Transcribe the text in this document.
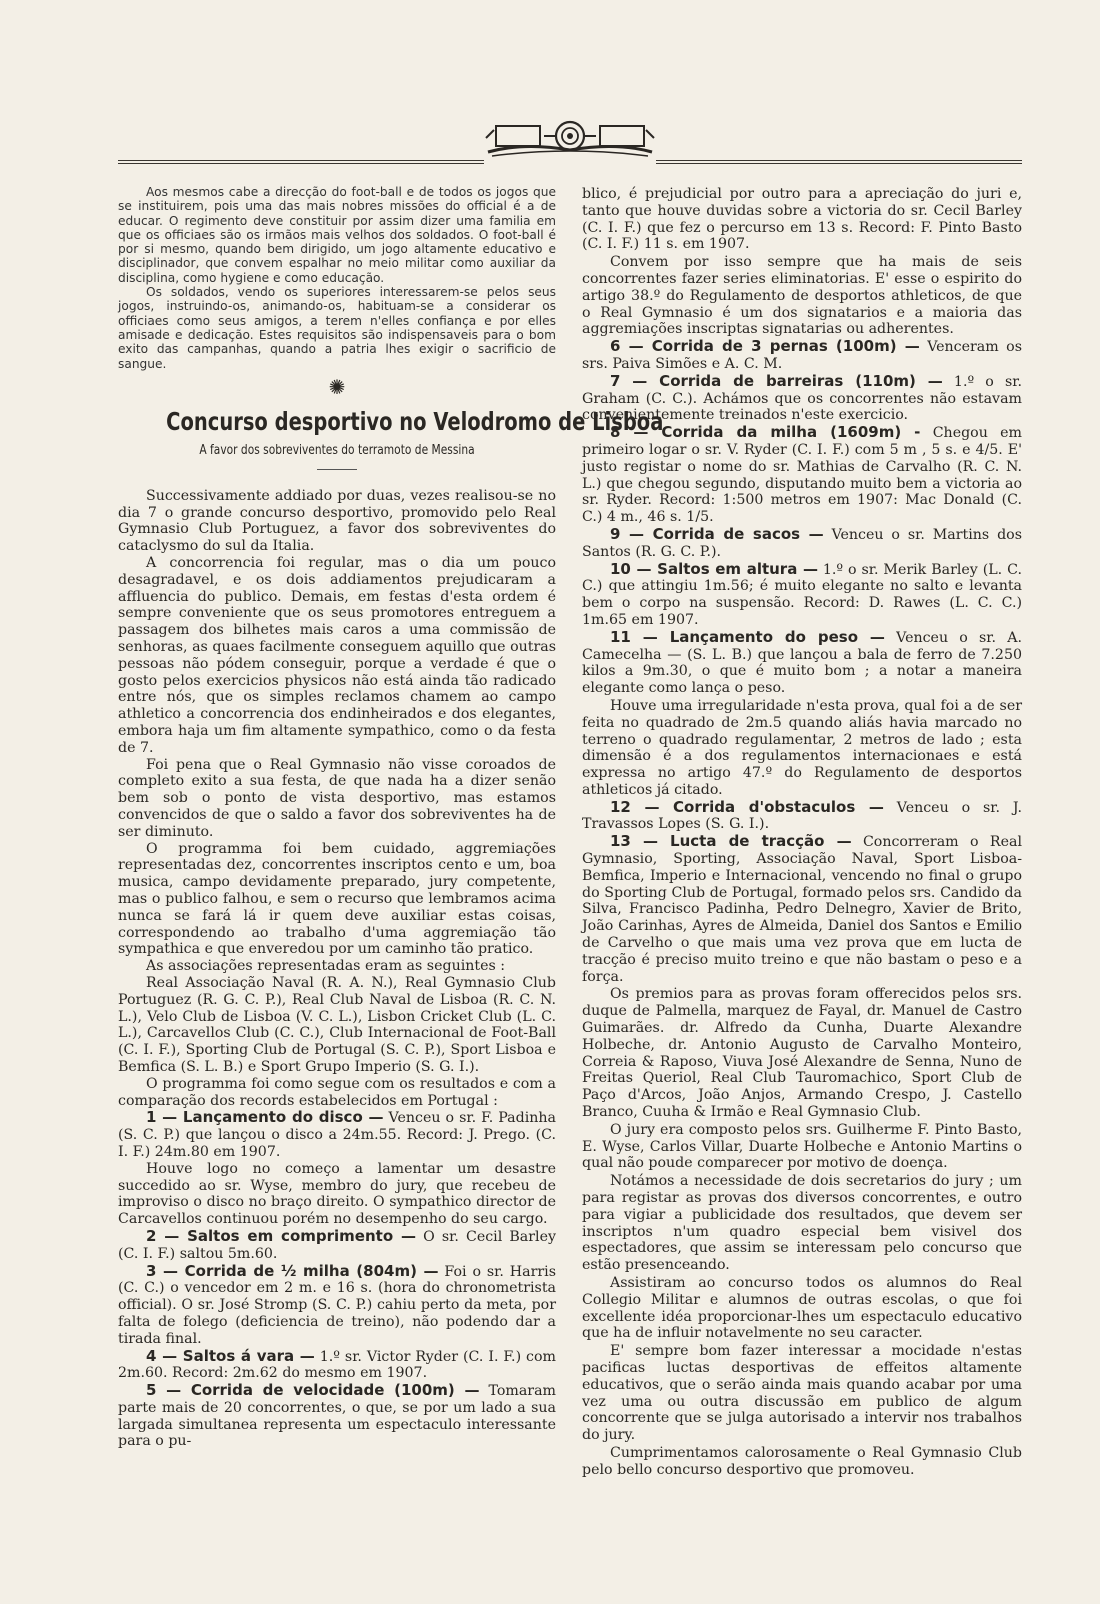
Aos mesmos cabe a direcção do foot-ball e de todos os jogos que se instituirem, pois uma das mais nobres missões do official é a de educar. O regimento deve constituir por assim dizer uma familia em que os officiaes são os irmãos mais velhos dos soldados. O foot-ball é por si mesmo, quando bem dirigido, um jogo altamente educativo e disciplinador, que convem espalhar no meio militar como auxiliar da disciplina, como hygiene e como educação.

Os soldados, vendo os superiores interessarem-se pelos seus jogos, instruindo-os, animando-os, habituam-se a considerar os officiaes como seus amigos, a terem n'elles confiança e por elles amisade e dedicação. Estes requisitos são indispensaveis para o bom exito das campanhas, quando a patria lhes exigir o sacrificio de sangue.

✺
Concurso desportivo no Velodromo de Lisboa
A favor dos sobreviventes do terramoto de Messina

Successivamente addiado por duas, vezes realisou-se no dia 7 o grande concurso desportivo, promovido pelo Real Gymnasio Club Portuguez, a favor dos sobreviventes do cataclysmo do sul da Italia.

A concorrencia foi regular, mas o dia um pouco desagradavel, e os dois addiamentos prejudicaram a affluencia do publico. Demais, em festas d'esta ordem é sempre conveniente que os seus promotores entreguem a passagem dos bilhetes mais caros a uma commissão de senhoras, as quaes facilmente conseguem aquillo que outras pessoas não pódem conseguir, porque a verdade é que o gosto pelos exercicios physicos não está ainda tão radicado entre nós, que os simples reclamos chamem ao campo athletico a concorrencia dos endinheirados e dos elegantes, embora haja um fim altamente sympathico, como o da festa de 7.

Foi pena que o Real Gymnasio não visse coroados de completo exito a sua festa, de que nada ha a dizer senão bem sob o ponto de vista desportivo, mas estamos convencidos de que o saldo a favor dos sobreviventes ha de ser diminuto.

O programma foi bem cuidado, aggremiações representadas dez, concorrentes inscriptos cento e um, boa musica, campo devidamente preparado, jury competente, mas o publico falhou, e sem o recurso que lembramos acima nunca se fará lá ir quem deve auxiliar estas coisas, correspondendo ao trabalho d'uma aggremiação tão sympathica e que enveredou por um caminho tão pratico.

As associações representadas eram as seguintes :

Real Associação Naval (R. A. N.), Real Gymnasio Club Portuguez (R. G. C. P.), Real Club Naval de Lisboa (R. C. N. L.), Velo Club de Lisboa (V. C. L.), Lisbon Cricket Club (L. C. L.), Carcavellos Club (C. C.), Club Internacional de Foot-Ball (C. I. F.), Sporting Club de Portugal (S. C. P.), Sport Lisboa e Bemfica (S. L. B.) e Sport Grupo Imperio (S. G. I.).

O programma foi como segue com os resultados e com a comparação dos records estabelecidos em Portugal :

1 — Lançamento do disco — Venceu o sr. F. Padinha (S. C. P.) que lançou o disco a 24m.55. Record: J. Prego. (C. I. F.) 24m.80 em 1907.

Houve logo no começo a lamentar um desastre succedido ao sr. Wyse, membro do jury, que recebeu de improviso o disco no braço direito. O sympathico director de Carcavellos continuou porém no desempenho do seu cargo.

2 — Saltos em comprimento — O sr. Cecil Barley (C. I. F.) saltou 5m.60.

3 — Corrida de ½ milha (804m) — Foi o sr. Harris (C. C.) o vencedor em 2 m. e 16 s. (hora do chronometrista official). O sr. José Stromp (S. C. P.) cahiu perto da meta, por falta de folego (deficiencia de treino), não podendo dar a tirada final.

4 — Saltos á vara — 1.º sr. Victor Ryder (C. I. F.) com 2m.60. Record: 2m.62 do mesmo em 1907.

5 — Corrida de velocidade (100m) — Tomaram parte mais de 20 concorrentes, o que, se por um lado a sua largada simultanea representa um espectaculo interessante para o pu-

blico, é prejudicial por outro para a apreciação do juri e, tanto que houve duvidas sobre a victoria do sr. Cecil Barley (C. I. F.) que fez o percurso em 13 s. Record: F. Pinto Basto (C. I. F.) 11 s. em 1907.

Convem por isso sempre que ha mais de seis concorrentes fazer series eliminatorias. E' esse o espirito do artigo 38.º do Regulamento de desportos athleticos, de que o Real Gymnasio é um dos signatarios e a maioria das aggremiações inscriptas signatarias ou adherentes.

6 — Corrida de 3 pernas (100m) — Venceram os srs. Paiva Simões e A. C. M.

7 — Corrida de barreiras (110m) — 1.º o sr. Graham (C. C.). Achámos que os concorrentes não estavam convenientemente treinados n'este exercicio.

8 — Corrida da milha (1609m) - Chegou em primeiro logar o sr. V. Ryder (C. I. F.) com 5 m , 5 s. e 4/5. E' justo registar o nome do sr. Mathias de Carvalho (R. C. N. L.) que chegou segundo, disputando muito bem a victoria ao sr. Ryder. Record: 1:500 metros em 1907: Mac Donald (C. C.) 4 m., 46 s. 1/5.

9 — Corrida de sacos — Venceu o sr. Martins dos Santos (R. G. C. P.).

10 — Saltos em altura — 1.º o sr. Merik Barley (L. C. C.) que attingiu 1m.56; é muito elegante no salto e levanta bem o corpo na suspensão. Record: D. Rawes (L. C. C.) 1m.65 em 1907.

11 — Lançamento do peso — Venceu o sr. A. Camecelha — (S. L. B.) que lançou a bala de ferro de 7.250 kilos a 9m.30, o que é muito bom ; a notar a maneira elegante como lança o peso.

Houve uma irregularidade n'esta prova, qual foi a de ser feita no quadrado de 2m.5 quando aliás havia marcado no terreno o quadrado regulamentar, 2 metros de lado ; esta dimensão é a dos regulamentos internacionaes e está expressa no artigo 47.º do Regulamento de desportos athleticos já citado.

12 — Corrida d'obstaculos — Venceu o sr. J. Travassos Lopes (S. G. I.).

13 — Lucta de tracção — Concorreram o Real Gymnasio, Sporting, Associação Naval, Sport Lisboa-Bemfica, Imperio e Internacional, vencendo no final o grupo do Sporting Club de Portugal, formado pelos srs. Candido da Silva, Francisco Padinha, Pedro Delnegro, Xavier de Brito, João Carinhas, Ayres de Almeida, Daniel dos Santos e Emilio de Carvelho o que mais uma vez prova que em lucta de tracção é preciso muito treino e que não bastam o peso e a força.

Os premios para as provas foram offerecidos pelos srs. duque de Palmella, marquez de Fayal, dr. Manuel de Castro Guimarães. dr. Alfredo da Cunha, Duarte Alexandre Holbeche, dr. Antonio Augusto de Carvalho Monteiro, Correia & Raposo, Viuva José Alexandre de Senna, Nuno de Freitas Queriol, Real Club Tauromachico, Sport Club de Paço d'Arcos, João Anjos, Armando Crespo, J. Castello Branco, Cuuha & Irmão e Real Gymnasio Club.

O jury era composto pelos srs. Guilherme F. Pinto Basto, E. Wyse, Carlos Villar, Duarte Holbeche e Antonio Martins o qual não poude comparecer por motivo de doença.

Notámos a necessidade de dois secretarios do jury ; um para registar as provas dos diversos concorrentes, e outro para vigiar a publicidade dos resultados, que devem ser inscriptos n'um quadro especial bem visivel dos espectadores, que assim se interessam pelo concurso que estão presenceando.

Assistiram ao concurso todos os alumnos do Real Collegio Militar e alumnos de outras escolas, o que foi excellente idéa proporcionar-lhes um espectaculo educativo que ha de influir notavelmente no seu caracter.

E' sempre bom fazer interessar a mocidade n'estas pacificas luctas desportivas de effeitos altamente educativos, que o serão ainda mais quando acabar por uma vez uma ou outra discussão em publico de algum concorrente que se julga autorisado a intervir nos trabalhos do jury.

Cumprimentamos calorosamente o Real Gymnasio Club pelo bello concurso desportivo que promoveu.
